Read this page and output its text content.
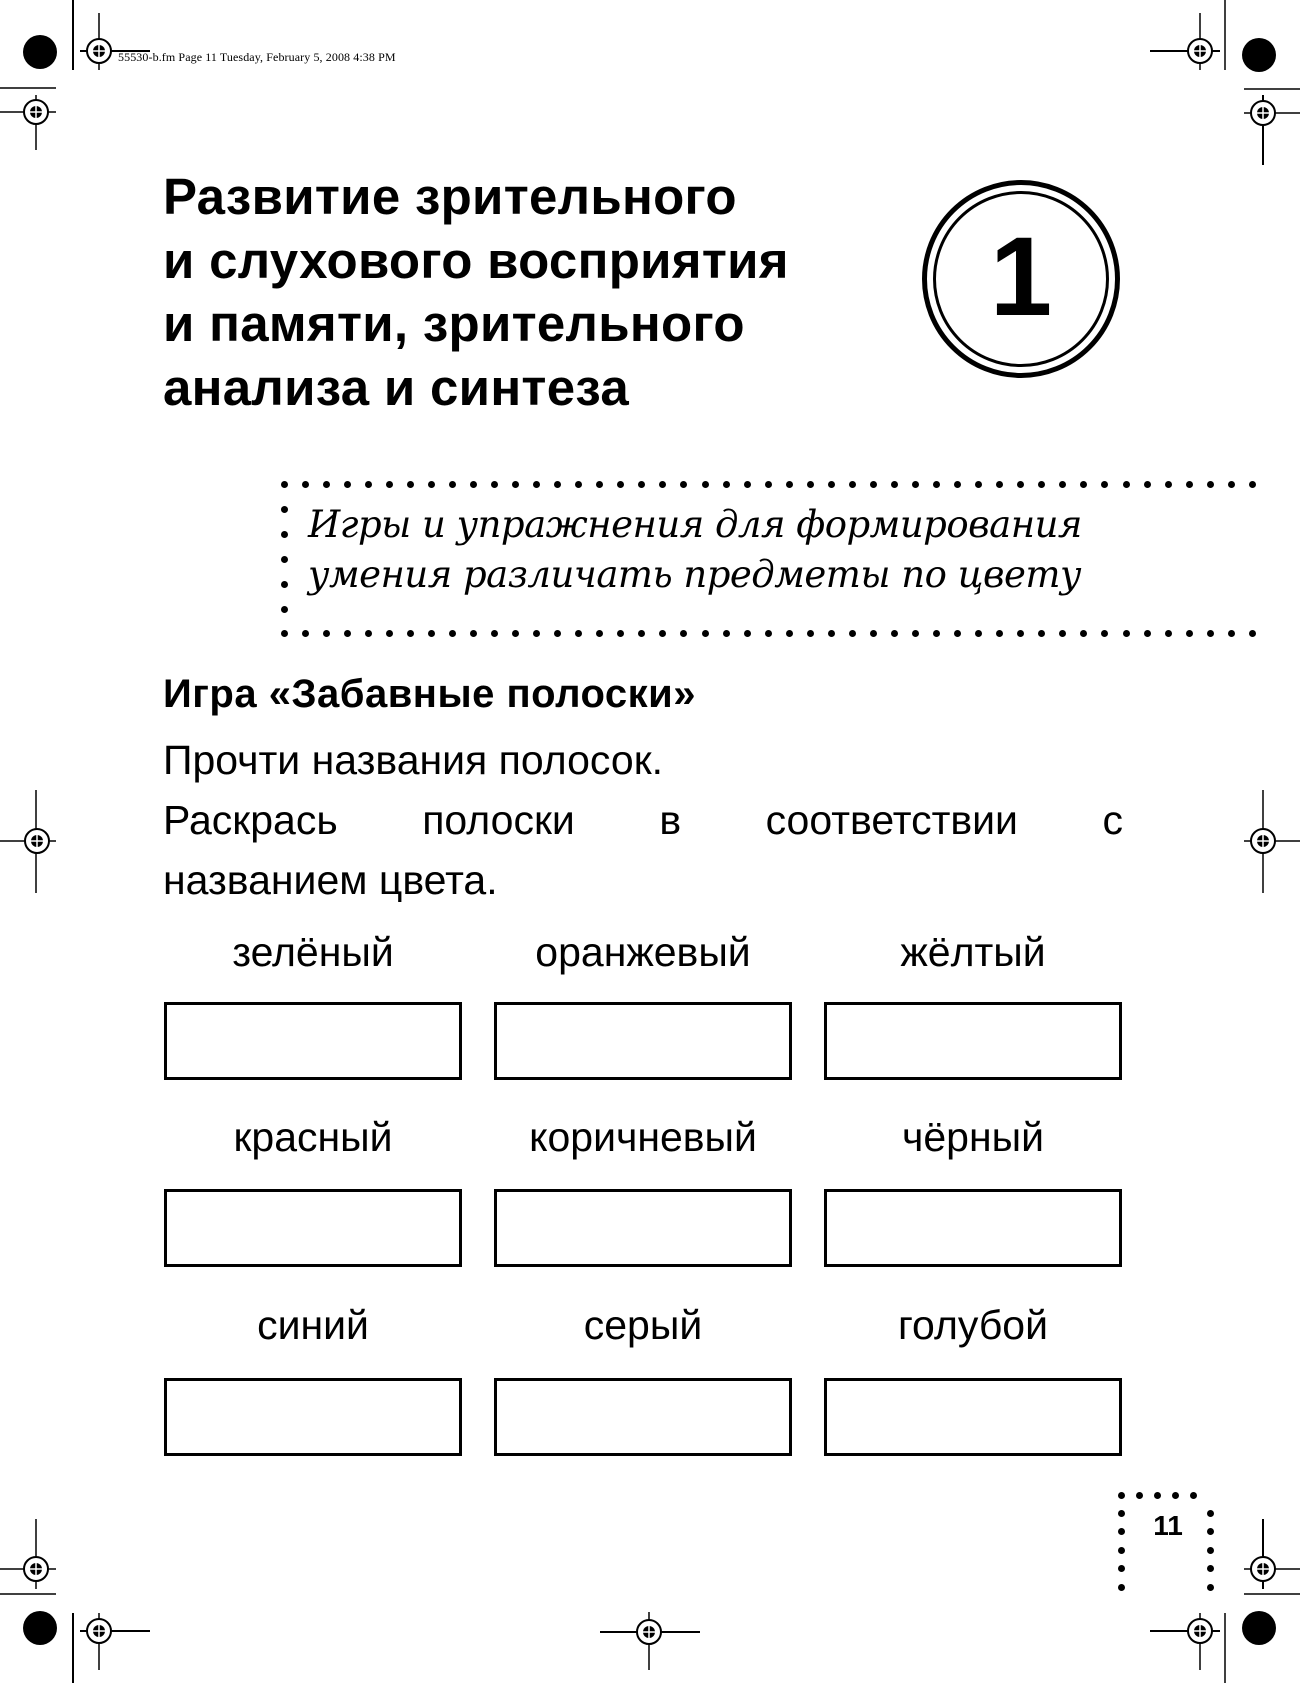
55530-b.fm Page 11 Tuesday, February 5, 2008 4:38 PM
Развитие зрительного
и слухового восприятия
и памяти, зрительного
анализа и синтеза
1
Игры и упражнения для формирования
умения различать предметы по цвету
Игра «Забавные полоски»
Прочти названия полосок.
Раскрась полоски в соответствии с
названием цвета.
зелёный	оранжевый	жёлтый
красный	коричневый	чёрный
синий	серый	голубой
11
